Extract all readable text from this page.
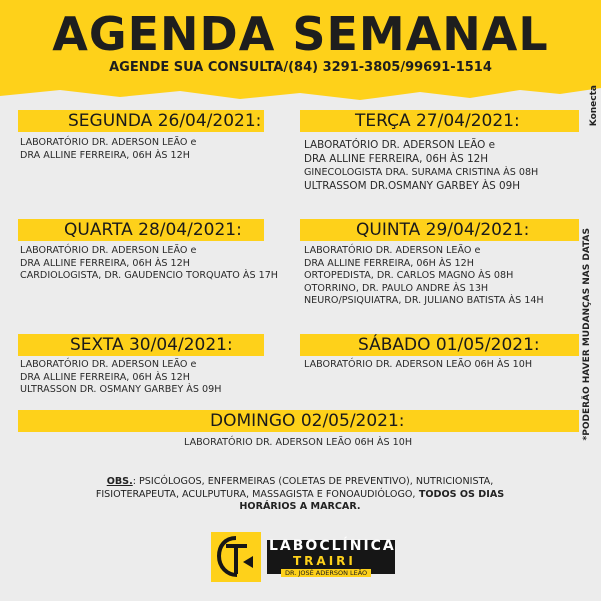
AGENDA SEMANAL
AGENDE SUA CONSULTA/(84) 3291-3805/99691-1514
Konecta
*PODERÃO HAVER MUDANÇAS NAS DATAS
SEGUNDA 26/04/2021:
LABORATÓRIO DR. ADERSON LEÃO e
DRA ALLINE FERREIRA, 06H ÀS 12H
TERÇA 27/04/2021:
LABORATÓRIO DR. ADERSON LEÃO e
DRA ALLINE FERREIRA, 06H ÀS 12H
GINECOLOGISTA DRA. SURAMA CRISTINA ÀS 08H
ULTRASSOM DR.OSMANY GARBEY ÀS 09H
QUARTA 28/04/2021:
LABORATÓRIO DR. ADERSON LEÃO e
DRA ALLINE FERREIRA, 06H ÀS 12H
CARDIOLOGISTA, DR. GAUDENCIO TORQUATO ÀS 17H
QUINTA 29/04/2021:
LABORATÓRIO DR. ADERSON LEÃO e
DRA ALLINE FERREIRA, 06H ÀS 12H
ORTOPEDISTA, DR. CARLOS MAGNO ÀS 08H
OTORRINO, DR. PAULO ANDRE ÀS 13H
NEURO/PSIQUIATRA, DR. JULIANO BATISTA ÀS 14H
SEXTA 30/04/2021:
LABORATÓRIO DR. ADERSON LEÃO e
DRA ALLINE FERREIRA, 06H ÀS 12H
ULTRASSON DR. OSMANY GARBEY ÀS 09H
SÁBADO 01/05/2021:
LABORATÓRIO DR. ADERSON LEÃO 06H ÀS 10H
DOMINGO 02/05/2021:
LABORATÓRIO DR. ADERSON LEÃO 06H ÀS 10H
OBS.: PSICÓLOGOS, ENFERMEIRAS (COLETAS DE PREVENTIVO), NUTRICIONISTA, FISIOTERAPEUTA, ACULPUTURA, MASSAGISTA E FONOAUDIÓLOGO, TODOS OS DIAS HORÁRIOS A MARCAR.
LABOCLÍNICA
TRAIRI
DR. JOSÉ ADERSON LEÃO
